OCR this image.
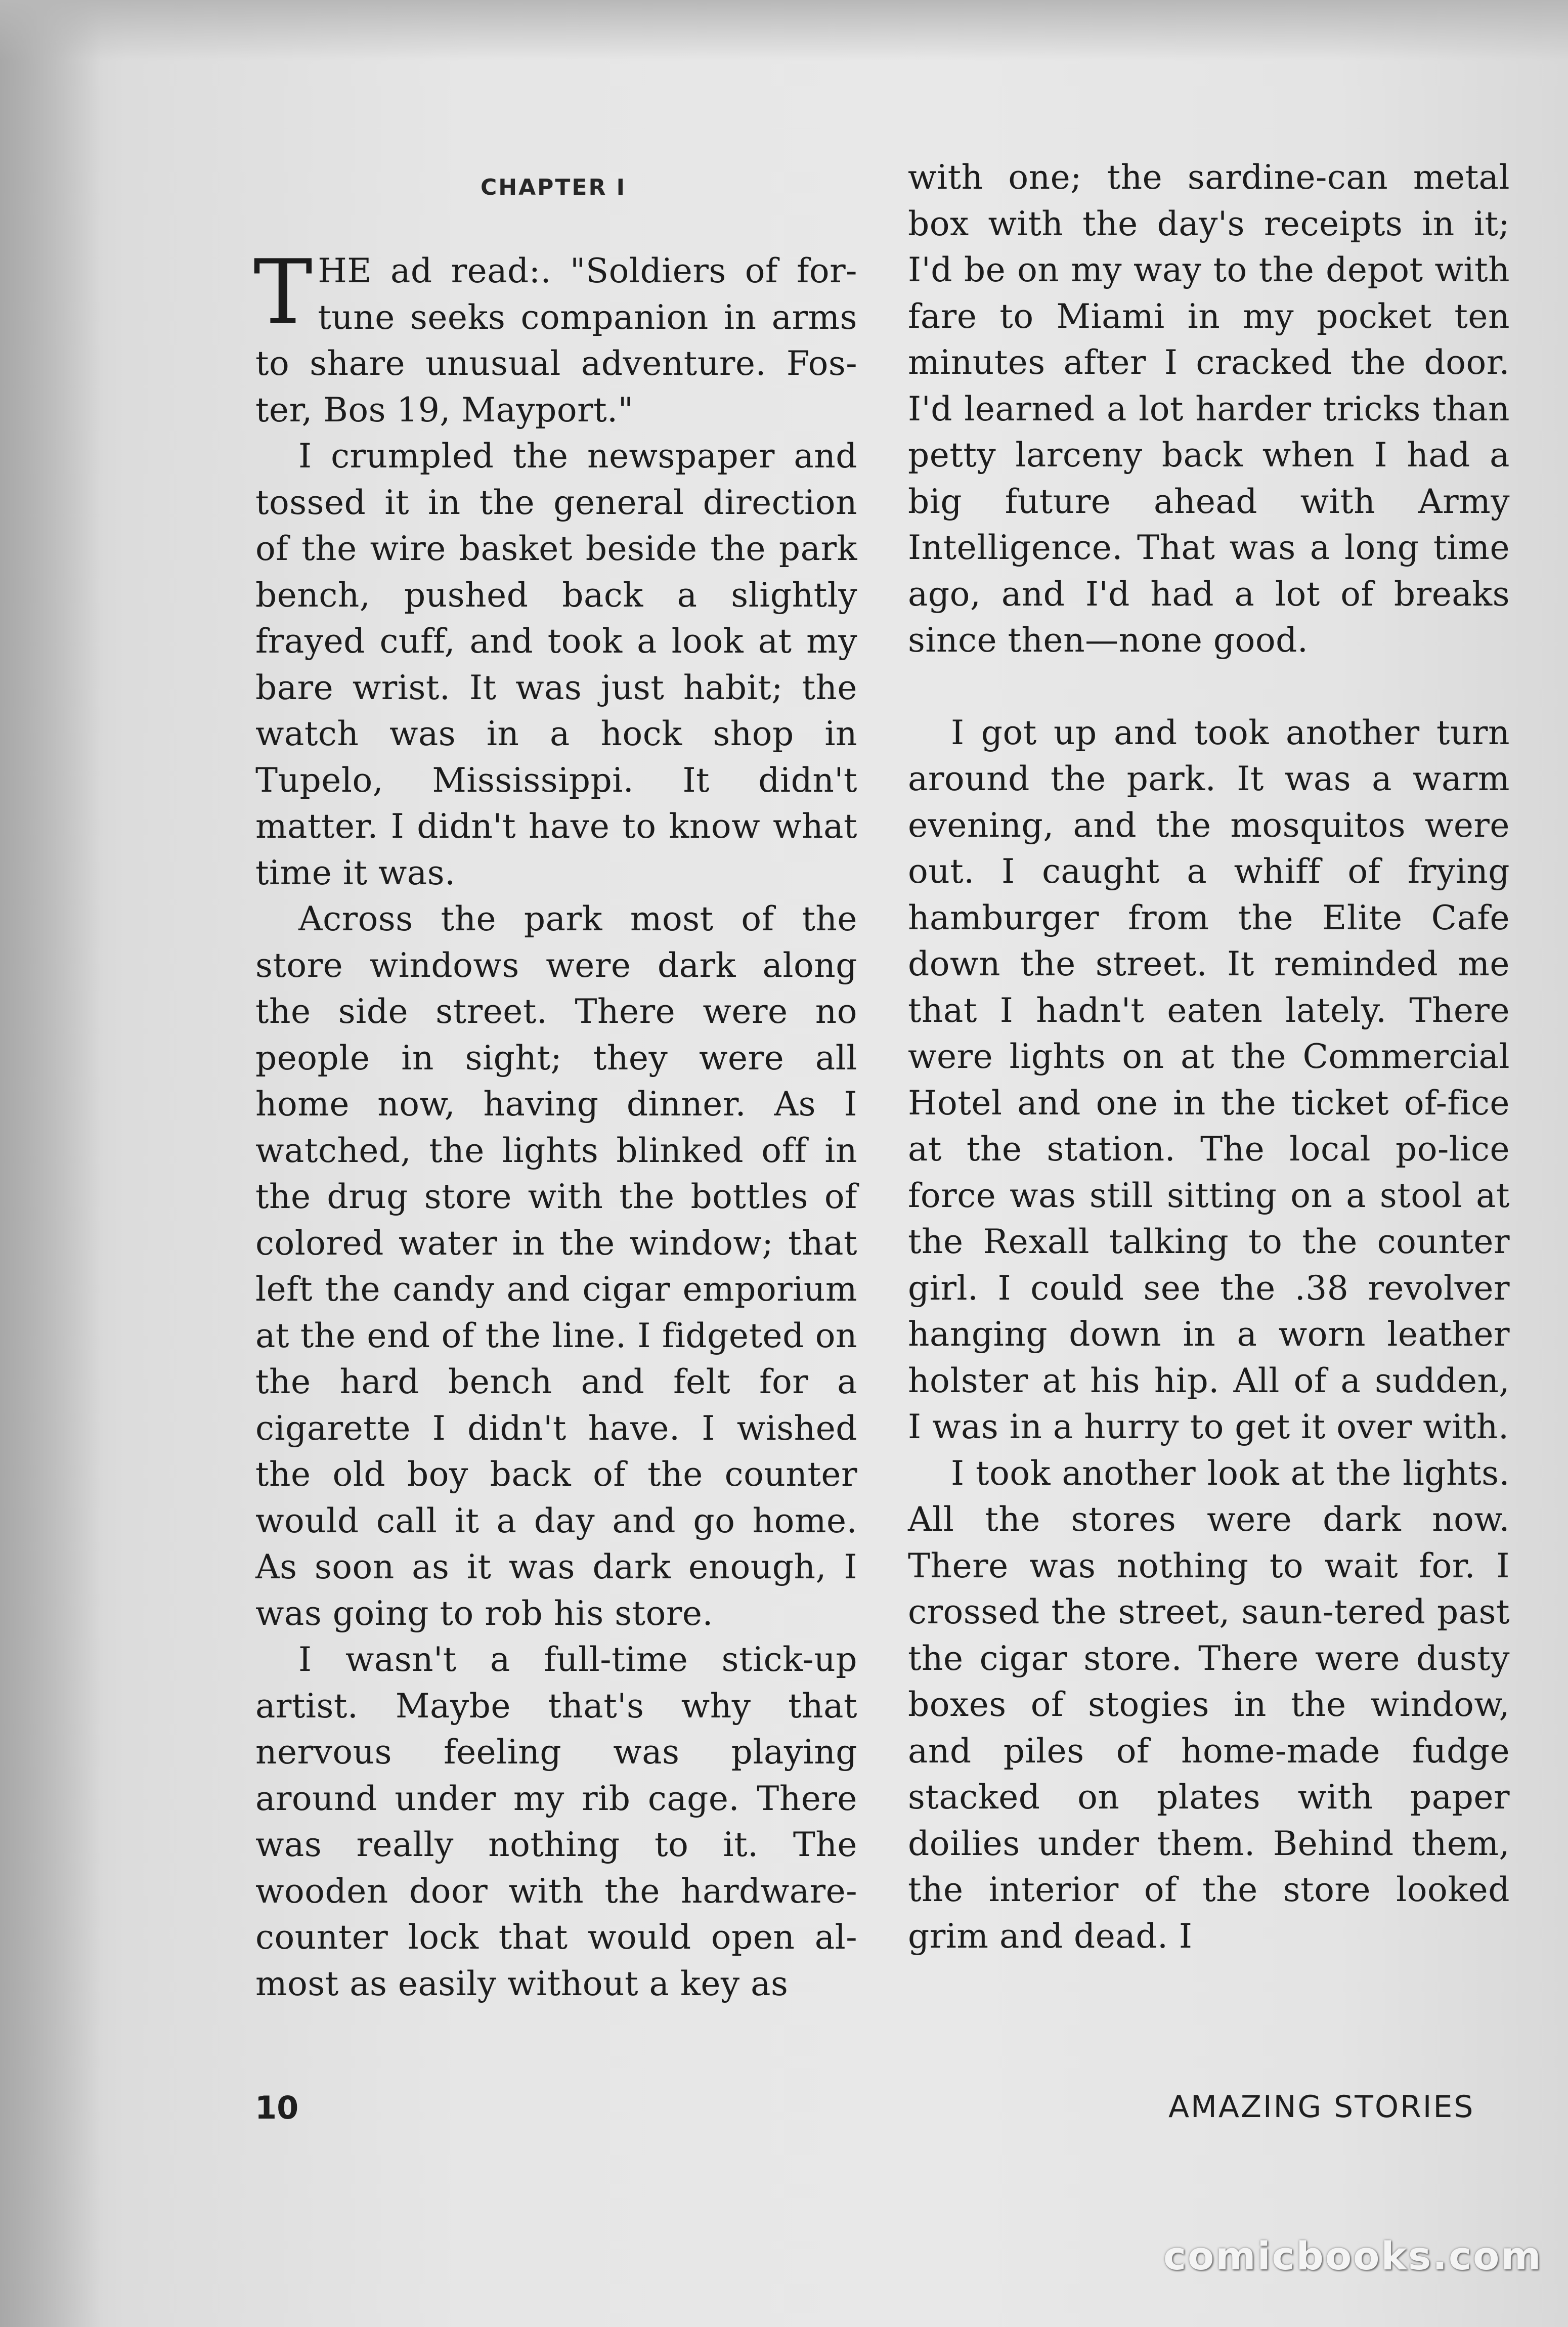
CHAPTER I

THE ad read:. "Soldiers of for- tune seeks companion in arms to share unusual adventure. Fos-ter, Bos 19, Mayport."

I crumpled the newspaper and tossed it in the general direction of the wire basket beside the park bench, pushed back a slightly frayed cuff, and took a look at my bare wrist. It was just habit; the watch was in a hock shop in Tupelo, Mississippi. It didn't matter. I didn't have to know what time it was.

Across the park most of the store windows were dark along the side street. There were no people in sight; they were all home now, having dinner. As I watched, the lights blinked off in the drug store with the bottles of colored water in the window; that left the candy and cigar emporium at the end of the line. I fidgeted on the hard bench and felt for a cigarette I didn't have. I wished the old boy back of the counter would call it a day and go home. As soon as it was dark enough, I was going to rob his store.

I wasn't a full-time stick-up artist. Maybe that's why that nervous feeling was playing around under my rib cage. There was really nothing to it. The wooden door with the hardware-counter lock that would open al-most as easily without a key as

with one; the sardine-can metal box with the day's receipts in it; I'd be on my way to the depot with fare to Miami in my pocket ten minutes after I cracked the door. I'd learned a lot harder tricks than petty larceny back when I had a big future ahead with Army Intelligence. That was a long time ago, and I'd had a lot of breaks since then—none good.

I got up and took another turn around the park. It was a warm evening, and the mosquitos were out. I caught a whiff of frying hamburger from the Elite Cafe down the street. It reminded me that I hadn't eaten lately. There were lights on at the Commercial Hotel and one in the ticket of-fice at the station. The local po-lice force was still sitting on a stool at the Rexall talking to the counter girl. I could see the .38 revolver hanging down in a worn leather holster at his hip. All of a sudden, I was in a hurry to get it over with.

I took another look at the lights. All the stores were dark now. There was nothing to wait for. I crossed the street, saun-tered past the cigar store. There were dusty boxes of stogies in the window, and piles of home-made fudge stacked on plates with paper doilies under them. Behind them, the interior of the store looked grim and dead. I

10	AMAZING STORIES
comicbooks.com
